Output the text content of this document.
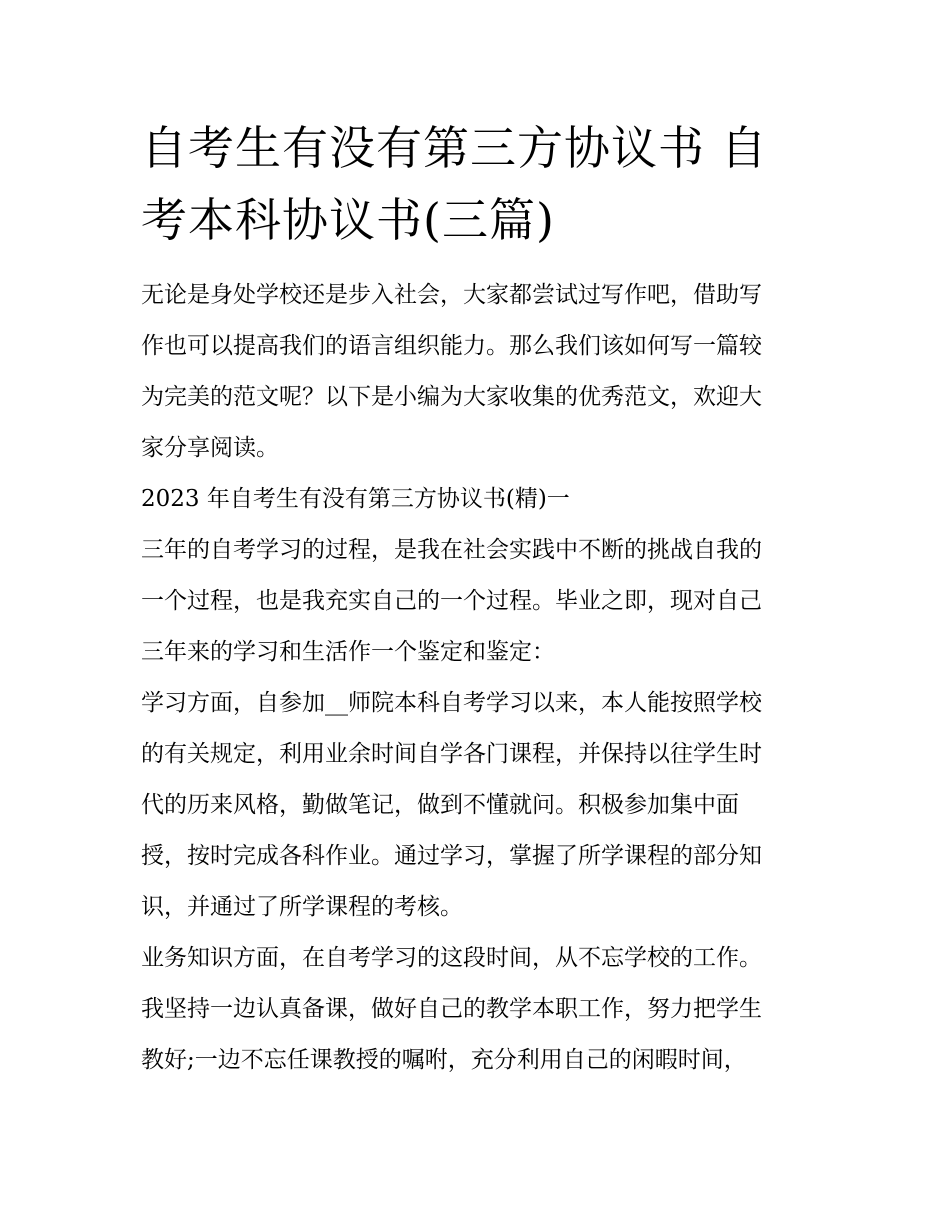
自考生有没有第三方协议书 自
考本科协议书(三篇)
无论是身处学校还是步入社会，大家都尝试过写作吧，借助写
作也可以提高我们的语言组织能力。那么我们该如何写一篇较
为完美的范文呢？以下是小编为大家收集的优秀范文，欢迎大
家分享阅读。
2023 年自考生有没有第三方协议书(精)一
三年的自考学习的过程，是我在社会实践中不断的挑战自我的
一个过程，也是我充实自己的一个过程。毕业之即，现对自己
三年来的学习和生活作一个鉴定和鉴定：
学习方面，自参加__师院本科自考学习以来，本人能按照学校
的有关规定，利用业余时间自学各门课程，并保持以往学生时
代的历来风格，勤做笔记，做到不懂就问。积极参加集中面
授，按时完成各科作业。通过学习，掌握了所学课程的部分知
识，并通过了所学课程的考核。
业务知识方面，在自考学习的这段时间，从不忘学校的工作。
我坚持一边认真备课，做好自己的教学本职工作，努力把学生
教好;一边不忘任课教授的嘱咐，充分利用自己的闲暇时间，
